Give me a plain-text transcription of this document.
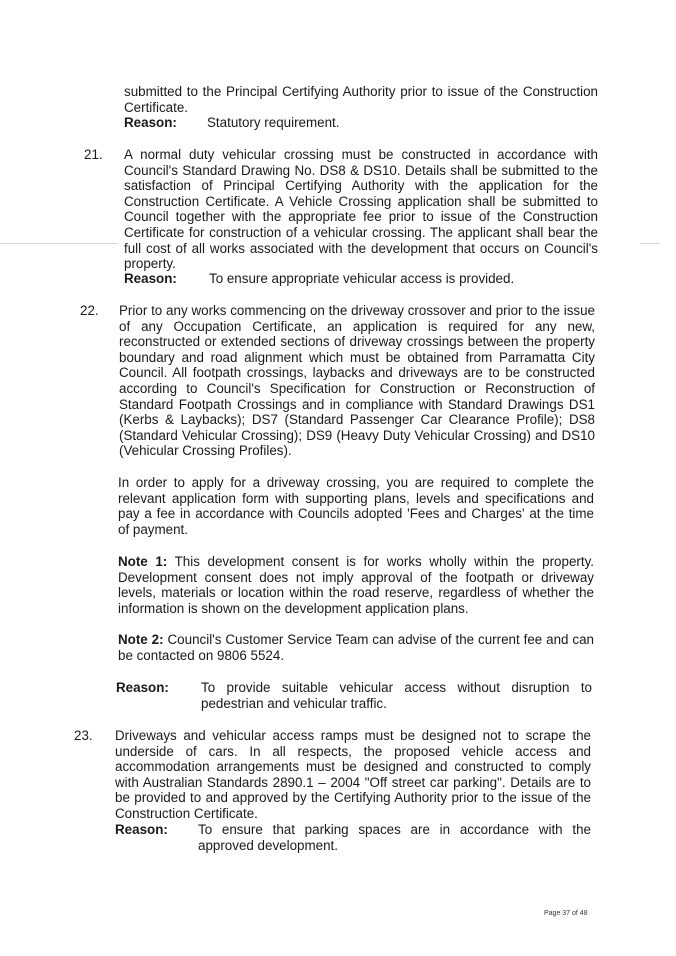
submitted to the Principal Certifying Authority prior to issue of the Construction Certificate.

Reason: Statutory requirement.

21. A normal duty vehicular crossing must be constructed in accordance with Council's Standard Drawing No. DS8 & DS10. Details shall be submitted to the satisfaction of Principal Certifying Authority with the application for the Construction Certificate. A Vehicle Crossing application shall be submitted to Council together with the appropriate fee prior to issue of the Construction Certificate for construction of a vehicular crossing. The applicant shall bear the full cost of all works associated with the development that occurs on Council's property.

Reason: To ensure appropriate vehicular access is provided.

22. Prior to any works commencing on the driveway crossover and prior to the issue of any Occupation Certificate, an application is required for any new, reconstructed or extended sections of driveway crossings between the property boundary and road alignment which must be obtained from Parramatta City Council. All footpath crossings, laybacks and driveways are to be constructed according to Council's Specification for Construction or Reconstruction of Standard Footpath Crossings and in compliance with Standard Drawings DS1 (Kerbs & Laybacks); DS7 (Standard Passenger Car Clearance Profile); DS8 (Standard Vehicular Crossing); DS9 (Heavy Duty Vehicular Crossing) and DS10 (Vehicular Crossing Profiles).

In order to apply for a driveway crossing, you are required to complete the relevant application form with supporting plans, levels and specifications and pay a fee in accordance with Councils adopted 'Fees and Charges' at the time of payment.

Note 1: This development consent is for works wholly within the property. Development consent does not imply approval of the footpath or driveway levels, materials or location within the road reserve, regardless of whether the information is shown on the development application plans.

Note 2: Council's Customer Service Team can advise of the current fee and can be contacted on 9806 5524.

Reason: To provide suitable vehicular access without disruption to pedestrian and vehicular traffic.

23. Driveways and vehicular access ramps must be designed not to scrape the underside of cars. In all respects, the proposed vehicle access and accommodation arrangements must be designed and constructed to comply with Australian Standards 2890.1 – 2004 "Off street car parking". Details are to be provided to and approved by the Certifying Authority prior to the issue of the Construction Certificate.

Reason: To ensure that parking spaces are in accordance with the approved development.
Page 37 of 48
